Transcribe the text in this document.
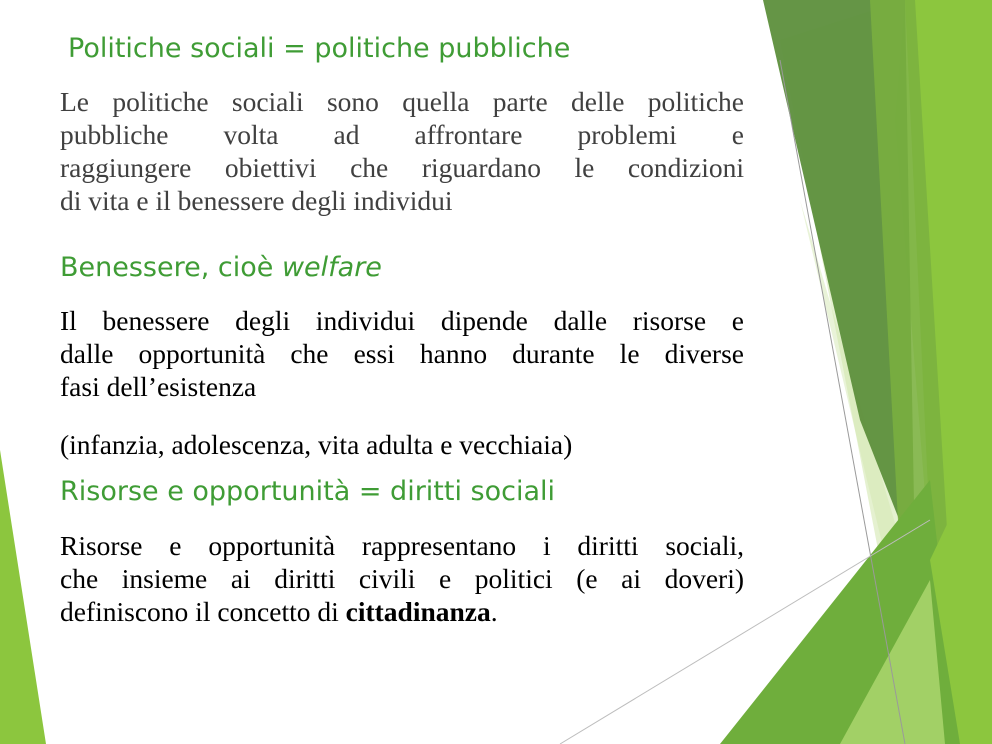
Politiche sociali = politiche pubbliche
Le politiche sociali sono quella parte delle politiche
pubbliche volta ad affrontare problemi e
raggiungere obiettivi che riguardano le condizioni
di vita e il benessere degli individui
Benessere, cioè welfare
Il benessere degli individui dipende dalle risorse e
dalle opportunità che essi hanno durante le diverse
fasi dell’esistenza
(infanzia, adolescenza, vita adulta e vecchiaia)
Risorse e opportunità = diritti sociali
Risorse e opportunità rappresentano i diritti sociali,
che insieme ai diritti civili e politici (e ai doveri)
definiscono il concetto di cittadinanza.
